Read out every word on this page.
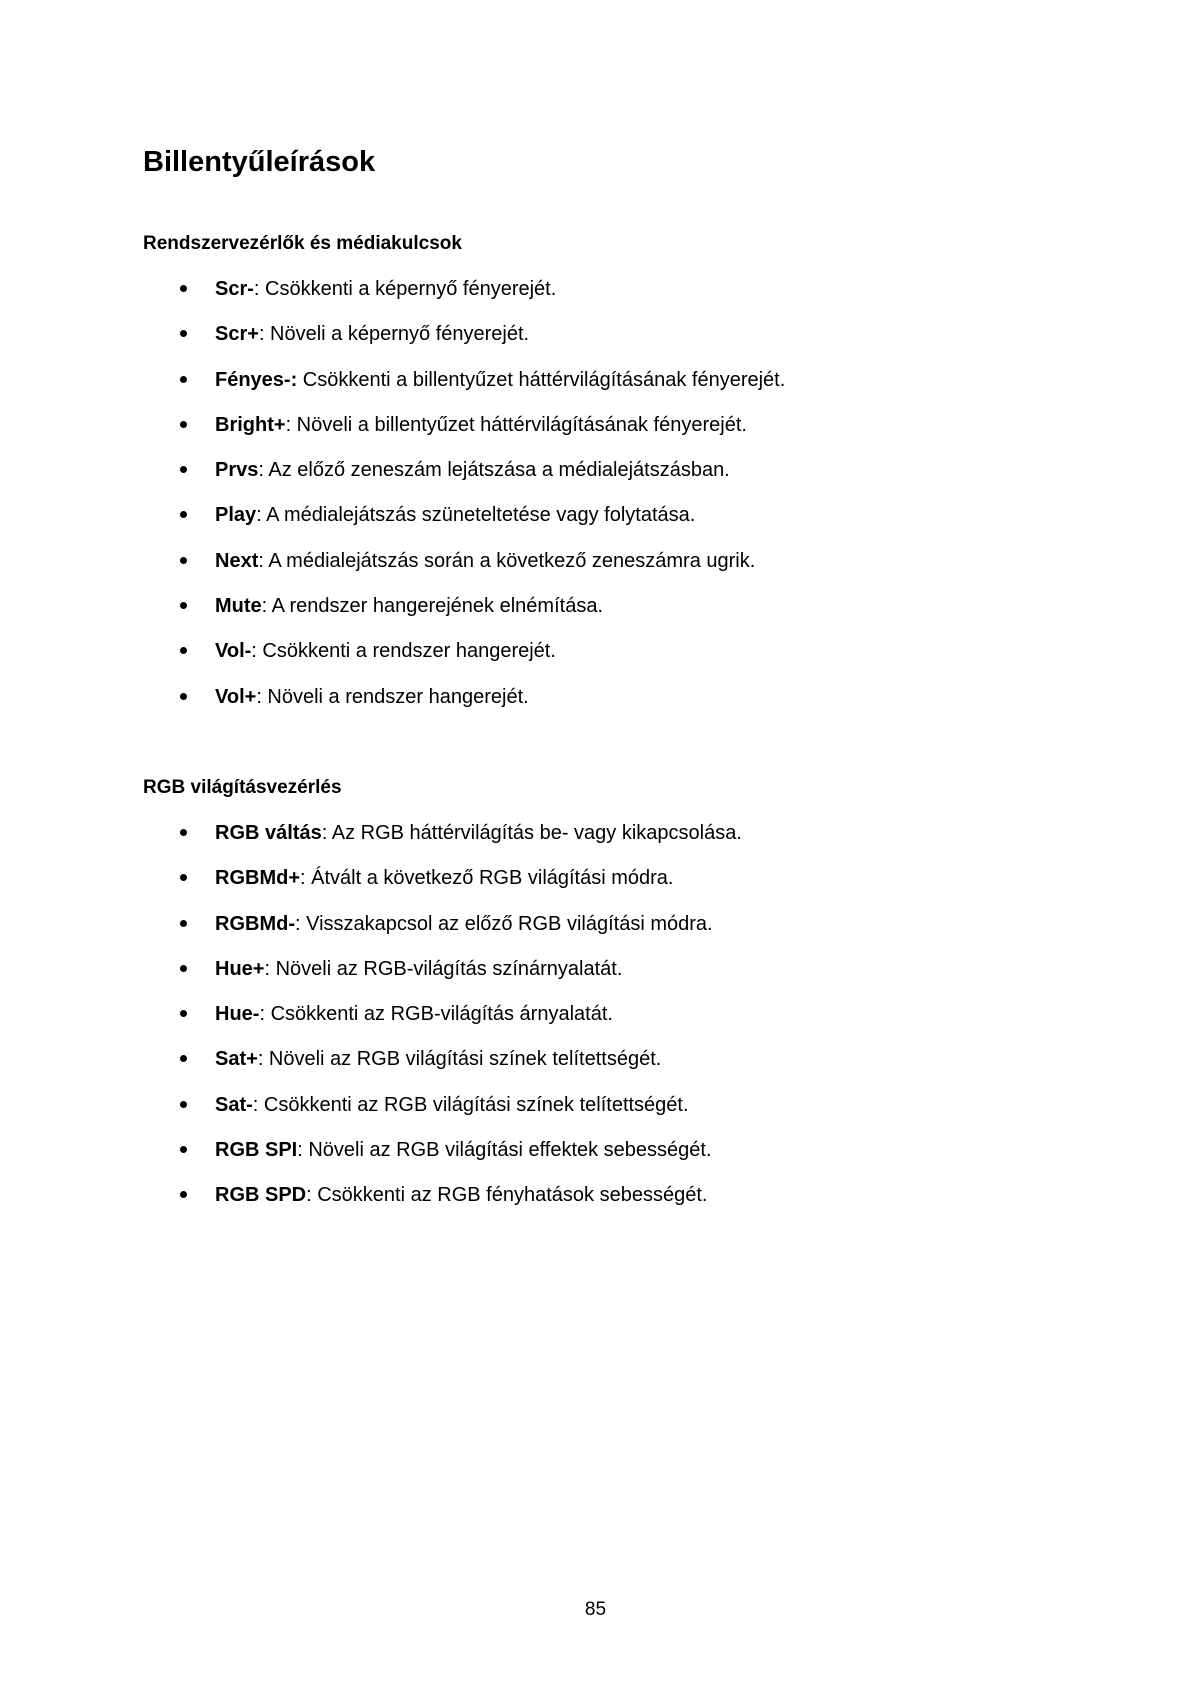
Billentyűleírások
Rendszervezérlők és médiakulcsok
Scr-: Csökkenti a képernyő fényerejét.
Scr+: Növeli a képernyő fényerejét.
Fényes-: Csökkenti a billentyűzet háttérvilágításának fényerejét.
Bright+: Növeli a billentyűzet háttérvilágításának fényerejét.
Prvs: Az előző zeneszám lejátszása a médialejátszásban.
Play: A médialejátszás szüneteltetése vagy folytatása.
Next: A médialejátszás során a következő zeneszámra ugrik.
Mute: A rendszer hangerejének elnémítása.
Vol-: Csökkenti a rendszer hangerejét.
Vol+: Növeli a rendszer hangerejét.
RGB világításvezérlés
RGB váltás: Az RGB háttérvilágítás be- vagy kikapcsolása.
RGBMd+: Átvált a következő RGB világítási módra.
RGBMd-: Visszakapcsol az előző RGB világítási módra.
Hue+: Növeli az RGB-világítás színárnyalatát.
Hue-: Csökkenti az RGB-világítás árnyalatát.
Sat+: Növeli az RGB világítási színek telítettségét.
Sat-: Csökkenti az RGB világítási színek telítettségét.
RGB SPI: Növeli az RGB világítási effektek sebességét.
RGB SPD: Csökkenti az RGB fényhatások sebességét.
85
